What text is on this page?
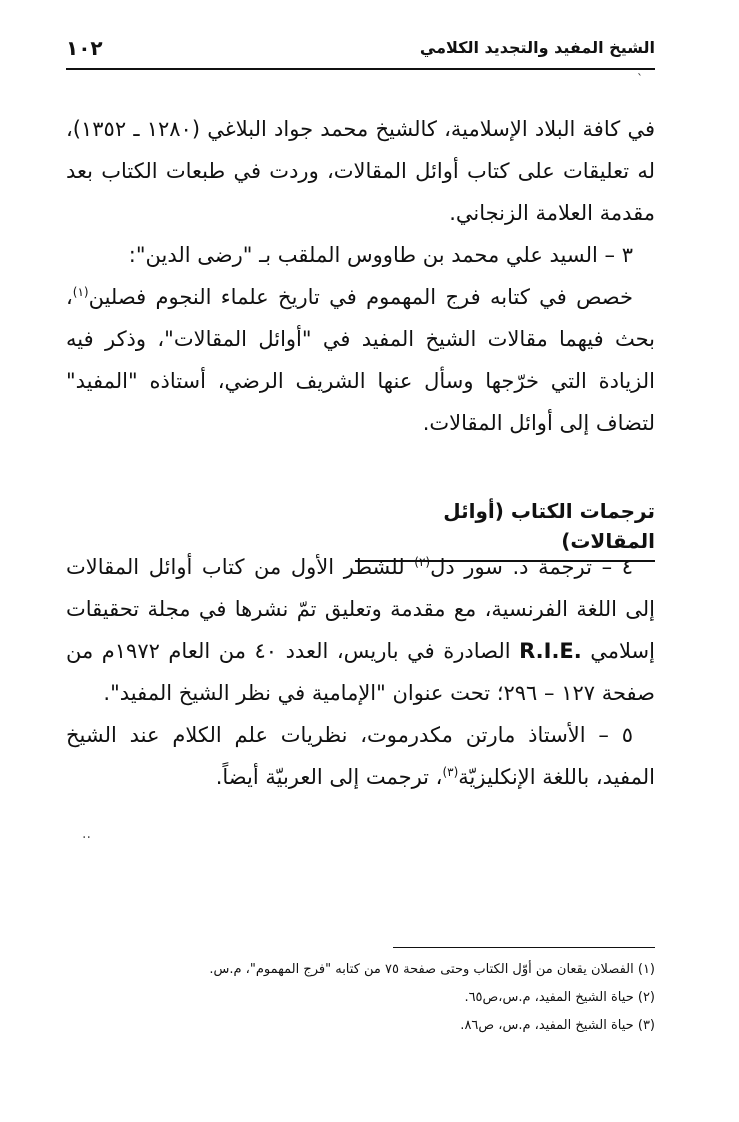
الشيخ المفيد والتجديد الكلامي
١٠٢
ˋ

في كافة البلاد الإسلامية، كالشيخ محمد جواد البلاغي (١٢٨٠ ـ ١٣٥٢)، له تعليقات على كتاب أوائل المقالات، وردت في طبعات الكتاب بعد مقدمة العلامة الزنجاني.

٣ – السيد علي محمد بن طاووس الملقب بـ "رضى الدين":

خصص في كتابه فرج المهموم في تاريخ علماء النجوم فصلين$^{(١)}$، بحث فيهما مقالات الشيخ المفيد في "أوائل المقالات"، وذكر فيه الزيادة التي خرّجها وسأل عنها الشريف الرضي، أستاذه "المفيد" لتضاف إلى أوائل المقالات.

ترجمات الكتاب (أوائل المقالات)

٤ – ترجمة د. سور دل$^{(٢)}$ للشطر الأول من كتاب أوائل المقالات إلى اللغة الفرنسية، مع مقدمة وتعليق تمّ نشرها في مجلة تحقيقات إسلامي R.I.E. الصادرة في باريس، العدد ٤٠ من العام ١٩٧٢م من صفحة ١٢٧ – ٢٩٦؛ تحت عنوان "الإمامية في نظر الشيخ المفيد".

٥ – الأستاذ مارتن مكدرموت، نظريات علم الكلام عند الشيخ المفيد، باللغة الإنكليزيّة$^{(٣)}$، ترجمت إلى العربيّة أيضاً.

··

(١) الفصلان يقعان من أوّل الكتاب وحتى صفحة ٧٥ من كتابه "فرج المهموم"، م.س.

(٢) حياة الشيخ المفيد، م.س،ص٦٥.

(٣) حياة الشيخ المفيد، م.س، ص٨٦.
